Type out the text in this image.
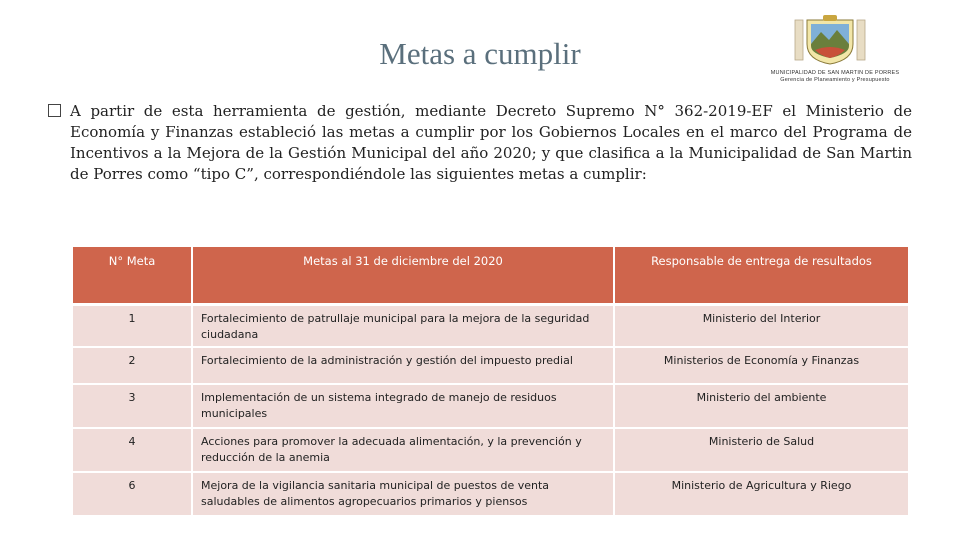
Metas a cumplir
MUNICIPALIDAD DE SAN MARTIN DE PORRES
Gerencia de Planeamiento y Presupuesto
A partir de esta herramienta de gestión, mediante Decreto Supremo N° 362-2019-EF el Ministerio de Economía y Finanzas estableció las metas a cumplir por los Gobiernos Locales en el marco del Programa de Incentivos a la Mejora de la Gestión Municipal del año 2020; y que clasifica a la Municipalidad de San Martin de Porres como “tipo C”, correspondiéndole las siguientes metas a cumplir:
N° Meta	Metas al 31 de diciembre del 2020	Responsable de entrega de resultados
1	Fortalecimiento de patrullaje municipal para la mejora de la seguridad ciudadana	Ministerio del Interior
2	Fortalecimiento de la administración y gestión del impuesto predial	Ministerios de Economía y Finanzas
3	Implementación de un sistema integrado de manejo de residuos municipales	Ministerio del ambiente
4	Acciones para promover la adecuada alimentación, y la prevención y reducción de la anemia	Ministerio de Salud
6	Mejora de la vigilancia sanitaria municipal de puestos de venta saludables de alimentos agropecuarios primarios y piensos	Ministerio de Agricultura y Riego
